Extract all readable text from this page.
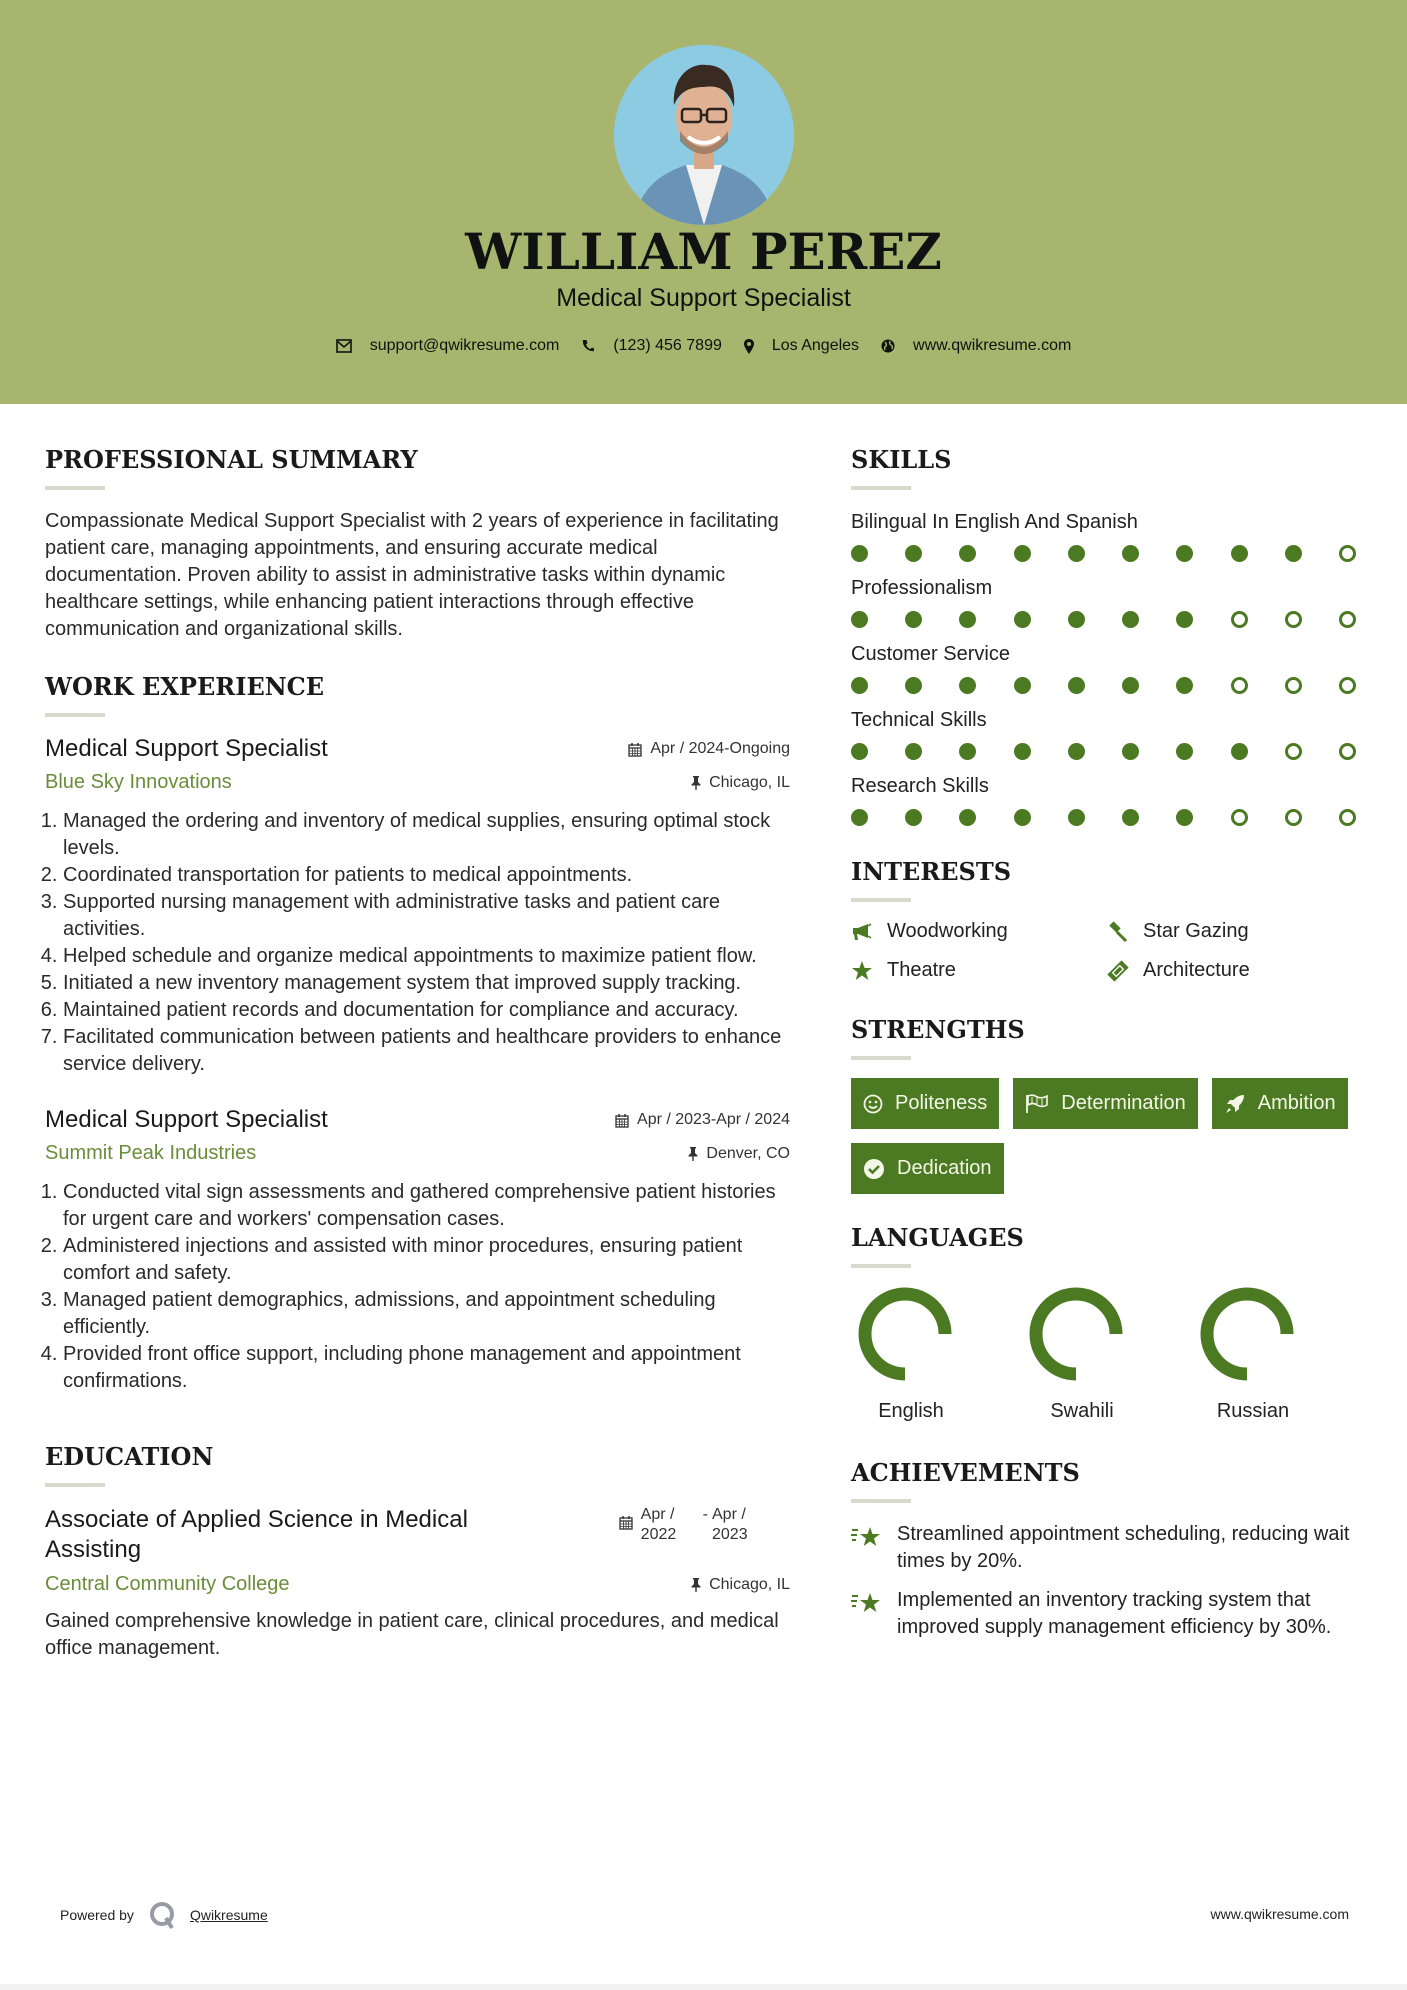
WILLIAM PEREZ
Medical Support Specialist
support@qwikresume.com	(123) 456 7899	Los Angeles	www.qwikresume.com
PROFESSIONAL SUMMARY

Compassionate Medical Support Specialist with 2 years of experience in facilitating patient care, managing appointments, and ensuring accurate medical documentation. Proven ability to assist in administrative tasks within dynamic healthcare settings, while enhancing patient interactions through effective communication and organizational skills.

WORK EXPERIENCE
Medical Support Specialist	Apr / 2024-Ongoing
Blue Sky Innovations	Chicago, IL
1. Managed the ordering and inventory of medical supplies, ensuring optimal stock levels.
2. Coordinated transportation for patients to medical appointments.
3. Supported nursing management with administrative tasks and patient care activities.
4. Helped schedule and organize medical appointments to maximize patient flow.
5. Initiated a new inventory management system that improved supply tracking.
6. Maintained patient records and documentation for compliance and accuracy.
7. Facilitated communication between patients and healthcare providers to enhance service delivery.
Medical Support Specialist	Apr / 2023-Apr / 2024
Summit Peak Industries	Denver, CO
1. Conducted vital sign assessments and gathered comprehensive patient histories for urgent care and workers' compensation cases.
2. Administered injections and assisted with minor procedures, ensuring patient comfort and safety.
3. Managed patient demographics, admissions, and appointment scheduling efficiently.
4. Provided front office support, including phone management and appointment confirmations.
EDUCATION
Associate of Applied Science in Medical Assisting
Apr / 2022
- Apr / 2023
Central Community College	Chicago, IL

Gained comprehensive knowledge in patient care, clinical procedures, and medical office management.

SKILLS
Bilingual In English And Spanish
Professionalism
Customer Service
Technical Skills
Research Skills
INTERESTS
Woodworking	Star Gazing
Theatre	Architecture
STRENGTHS
Politeness	Determination	Ambition
Dedication
LANGUAGES
English	Swahili	Russian
ACHIEVEMENTS
Streamlined appointment scheduling, reducing wait times by 20%.
Implemented an inventory tracking system that improved supply management efficiency by 30%.
Powered by	Qwikresume	www.qwikresume.com
